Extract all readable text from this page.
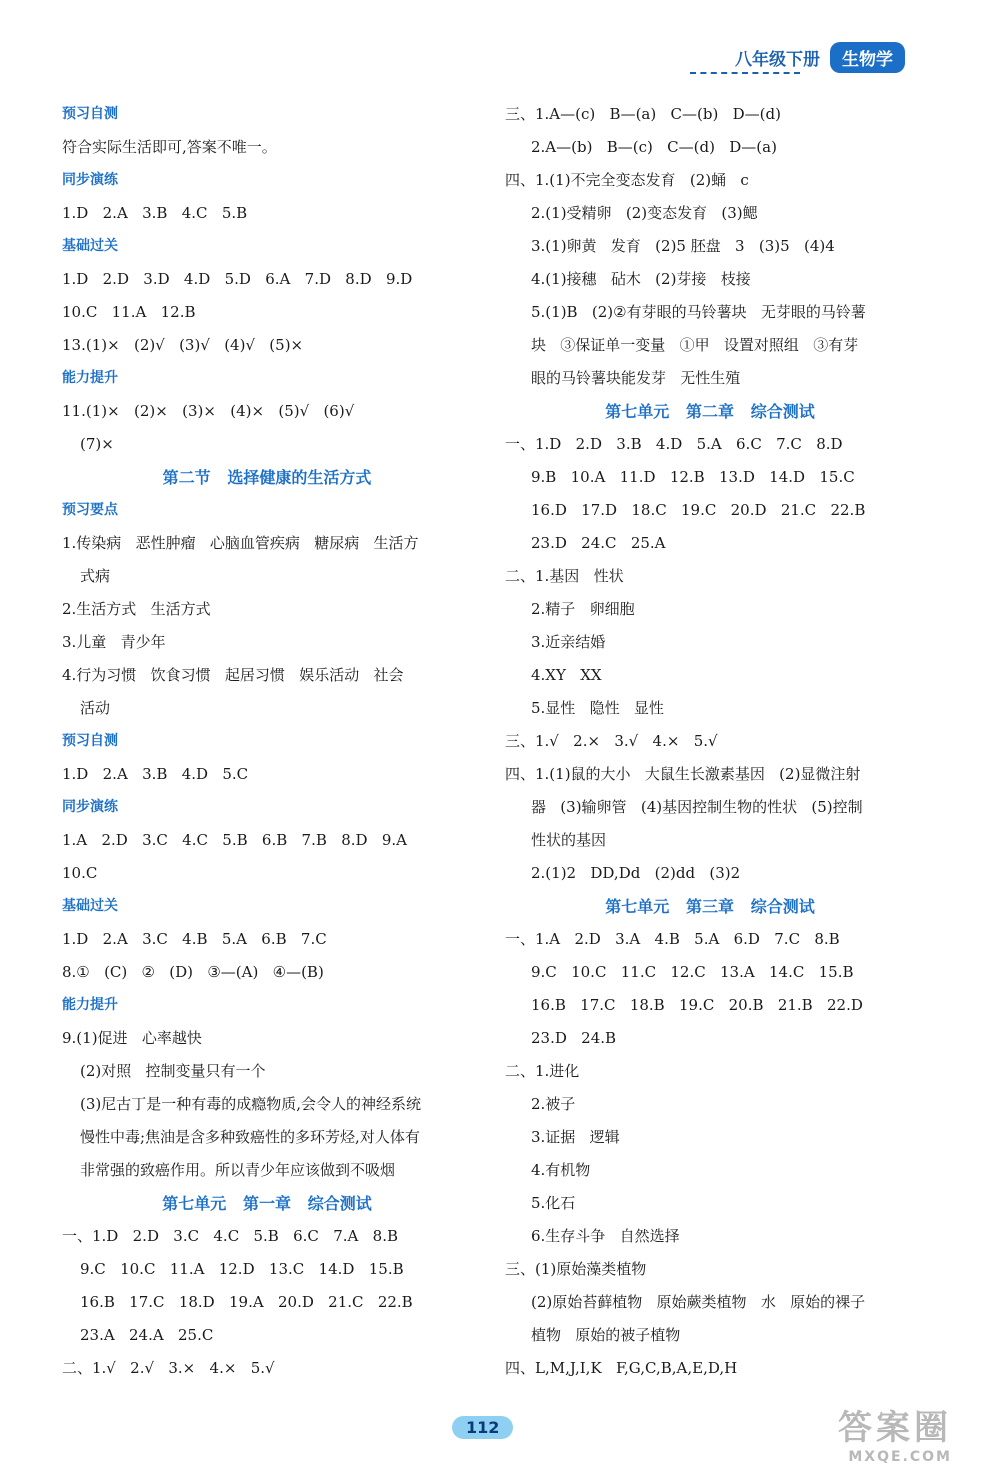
八年级下册	生物学
预习自测
符合实际生活即可,答案不唯一。
同步演练
1.D   2.A   3.B   4.C   5.B
基础过关
1.D   2.D   3.D   4.D   5.D   6.A   7.D   8.D   9.D
10.C   11.A   12.B
13.(1)×   (2)√   (3)√   (4)√   (5)×
能力提升
11.(1)×   (2)×   (3)×   (4)×   (5)√   (6)√
(7)×
第二节   选择健康的生活方式
预习要点
1.传染病   恶性肿瘤   心脑血管疾病   糖尿病   生活方
式病
2.生活方式   生活方式
3.儿童   青少年
4.行为习惯   饮食习惯   起居习惯   娱乐活动   社会
活动
预习自测
1.D   2.A   3.B   4.D   5.C
同步演练
1.A   2.D   3.C   4.C   5.B   6.B   7.B   8.D   9.A
10.C
基础过关
1.D   2.A   3.C   4.B   5.A   6.B   7.C
8.①   (C)   ②   (D)   ③—(A)   ④—(B)
能力提升
9.(1)促进   心率越快
(2)对照   控制变量只有一个
(3)尼古丁是一种有毒的成瘾物质,会令人的神经系统
慢性中毒;焦油是含多种致癌性的多环芳烃,对人体有
非常强的致癌作用。所以青少年应该做到不吸烟
第七单元   第一章   综合测试
一、1.D   2.D   3.C   4.C   5.B   6.C   7.A   8.B
9.C   10.C   11.A   12.D   13.C   14.D   15.B
16.B   17.C   18.D   19.A   20.D   21.C   22.B
23.A   24.A   25.C
二、1.√   2.√   3.×   4.×   5.√
三、1.A—(c)   B—(a)   C—(b)   D—(d)
2.A—(b)   B—(c)   C—(d)   D—(a)
四、1.(1)不完全变态发育   (2)蛹   c
2.(1)受精卵   (2)变态发育   (3)鳃
3.(1)卵黄   发育   (2)5 胚盘   3   (3)5   (4)4
4.(1)接穗   砧木   (2)芽接   枝接
5.(1)B   (2)②有芽眼的马铃薯块   无芽眼的马铃薯
块   ③保证单一变量   ①甲   设置对照组   ③有芽
眼的马铃薯块能发芽   无性生殖
第七单元   第二章   综合测试
一、1.D   2.D   3.B   4.D   5.A   6.C   7.C   8.D
9.B   10.A   11.D   12.B   13.D   14.D   15.C
16.D   17.D   18.C   19.C   20.D   21.C   22.B
23.D   24.C   25.A
二、1.基因   性状
2.精子   卵细胞
3.近亲结婚
4.XY   XX
5.显性   隐性   显性
三、1.√   2.×   3.√   4.×   5.√
四、1.(1)鼠的大小   大鼠生长激素基因   (2)显微注射
器   (3)输卵管   (4)基因控制生物的性状   (5)控制
性状的基因
2.(1)2   DD,Dd   (2)dd   (3)2
第七单元   第三章   综合测试
一、1.A   2.D   3.A   4.B   5.A   6.D   7.C   8.B
9.C   10.C   11.C   12.C   13.A   14.C   15.B
16.B   17.C   18.B   19.C   20.B   21.B   22.D
23.D   24.B
二、1.进化
2.被子
3.证据   逻辑
4.有机物
5.化石
6.生存斗争   自然选择
三、(1)原始藻类植物
(2)原始苔藓植物   原始蕨类植物   水   原始的裸子
植物   原始的被子植物
四、L,M,J,I,K   F,G,C,B,A,E,D,H
112	答案圈
MXQE.COM
